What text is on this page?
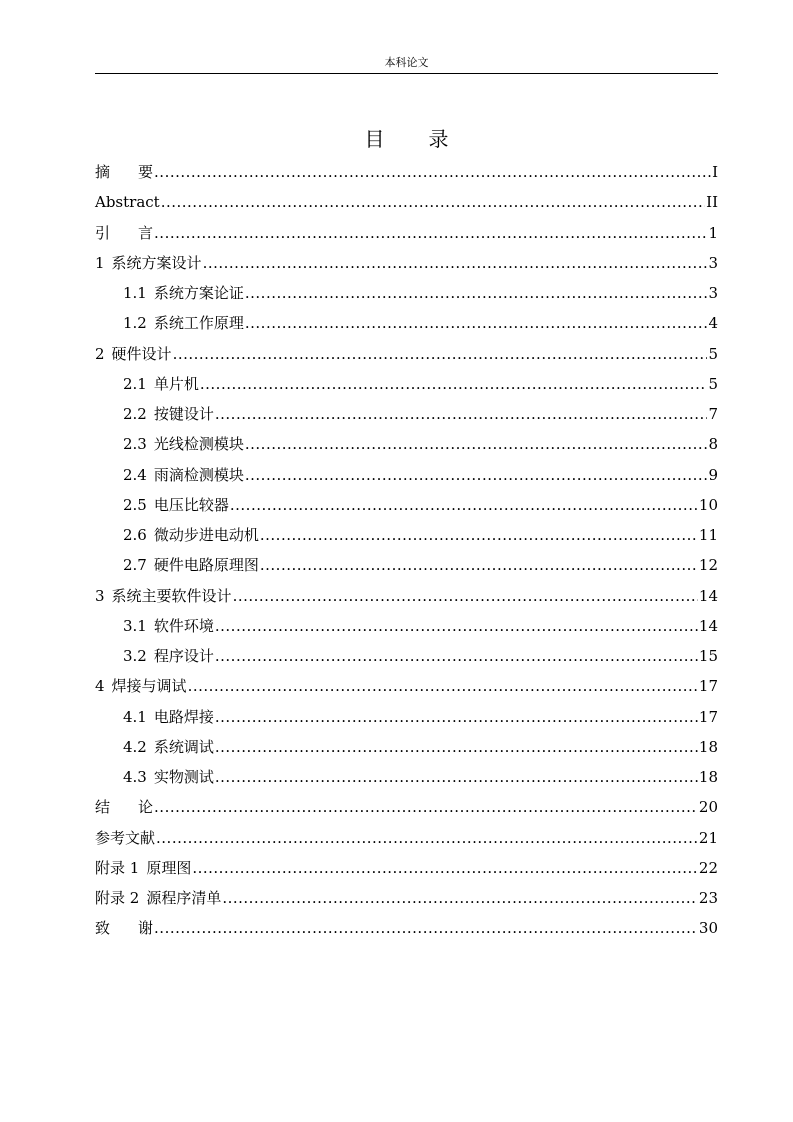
本科论文
目 录
摘要 .....	I
Abstract .....	II
引言 .....	1
1 系统方案设计 .....	3
1.1 系统方案论证 .....	3
1.2 系统工作原理 .....	4
2 硬件设计 .....	5
2.1 单片机 .....	5
2.2 按键设计 .....	7
2.3 光线检测模块 .....	8
2.4 雨滴检测模块 .....	9
2.5 电压比较器 .....	10
2.6 微动步进电动机 .....	11
2.7 硬件电路原理图 .....	12
3 系统主要软件设计 .....	14
3.1 软件环境 .....	14
3.2 程序设计 .....	15
4 焊接与调试 .....	17
4.1 电路焊接 .....	17
4.2 系统调试 .....	18
4.3 实物测试 .....	18
结论 .....	20
参考文献 .....	21
附录 1 原理图 .....	22
附录 2 源程序清单 .....	23
致谢 .....	30
